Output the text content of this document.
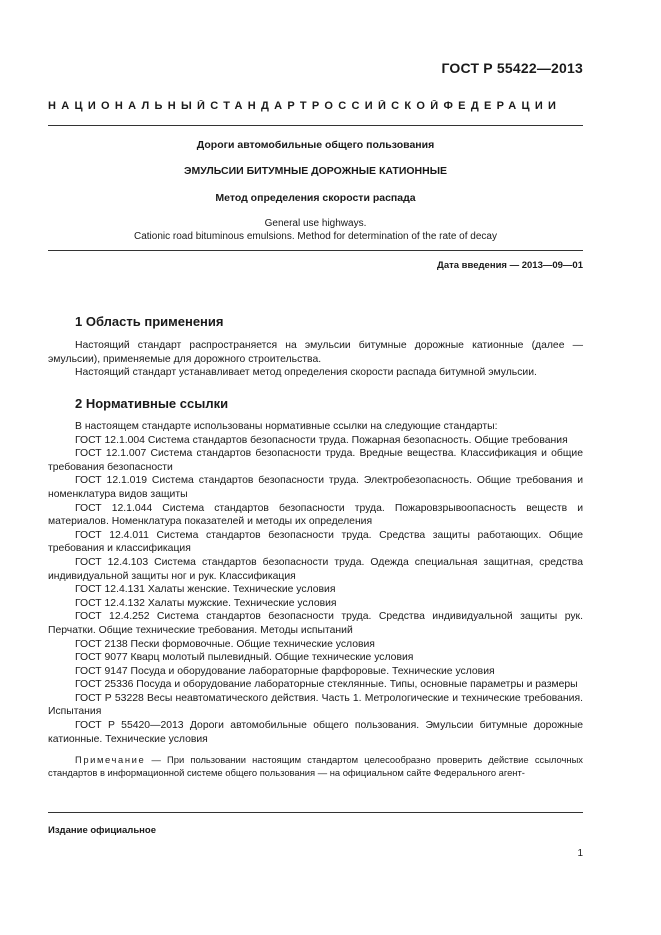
ГОСТ Р 55422—2013
НАЦИОНАЛЬНЫЙСТАНДАРТРОССИЙСКОЙФЕДЕРАЦИИ
Дороги автомобильные общего пользования
ЭМУЛЬСИИ БИТУМНЫЕ ДОРОЖНЫЕ КАТИОННЫЕ
Метод определения скорости распада
General use highways.
Cationic road bituminous emulsions. Method for determination of the rate of decay
Дата введения — 2013—09—01
1 Область применения

Настоящий стандарт распространяется на эмульсии битумные дорожные катионные (далее — эмульсии), применяемые для дорожного строительства.

Настоящий стандарт устанавливает метод определения скорости распада битумной эмульсии.

2 Нормативные ссылки

В настоящем стандарте использованы нормативные ссылки на следующие стандарты:

ГОСТ 12.1.004 Система стандартов безопасности труда. Пожарная безопасность. Общие требования

ГОСТ 12.1.007 Система стандартов безопасности труда. Вредные вещества. Классификация и общие требования безопасности

ГОСТ 12.1.019 Система стандартов безопасности труда. Электробезопасность. Общие требования и номенклатура видов защиты

ГОСТ 12.1.044 Система стандартов безопасности труда. Пожаровзрывоопасность веществ и материалов. Номенклатура показателей и методы их определения

ГОСТ 12.4.011 Система стандартов безопасности труда. Средства защиты работающих. Общие требования и классификация

ГОСТ 12.4.103 Система стандартов безопасности труда. Одежда специальная защитная, средства индивидуальной защиты ног и рук. Классификация

ГОСТ 12.4.131 Халаты женские. Технические условия

ГОСТ 12.4.132 Халаты мужские. Технические условия

ГОСТ 12.4.252 Система стандартов безопасности труда. Средства индивидуальной защиты рук. Перчатки. Общие технические требования. Методы испытаний

ГОСТ 2138 Пески формовочные. Общие технические условия

ГОСТ 9077 Кварц молотый пылевидный. Общие технические условия

ГОСТ 9147 Посуда и оборудование лабораторные фарфоровые. Технические условия

ГОСТ 25336 Посуда и оборудование лабораторные стеклянные. Типы, основные параметры и размеры

ГОСТ Р 53228 Весы неавтоматического действия. Часть 1. Метрологические и технические требования. Испытания

ГОСТ Р 55420—2013 Дороги автомобильные общего пользования. Эмульсии битумные дорожные катионные. Технические условия

Примечание — При пользовании настоящим стандартом целесообразно проверить действие ссылочных стандартов в информационной системе общего пользования — на официальном сайте Федерального агент-

Издание официальное
1
